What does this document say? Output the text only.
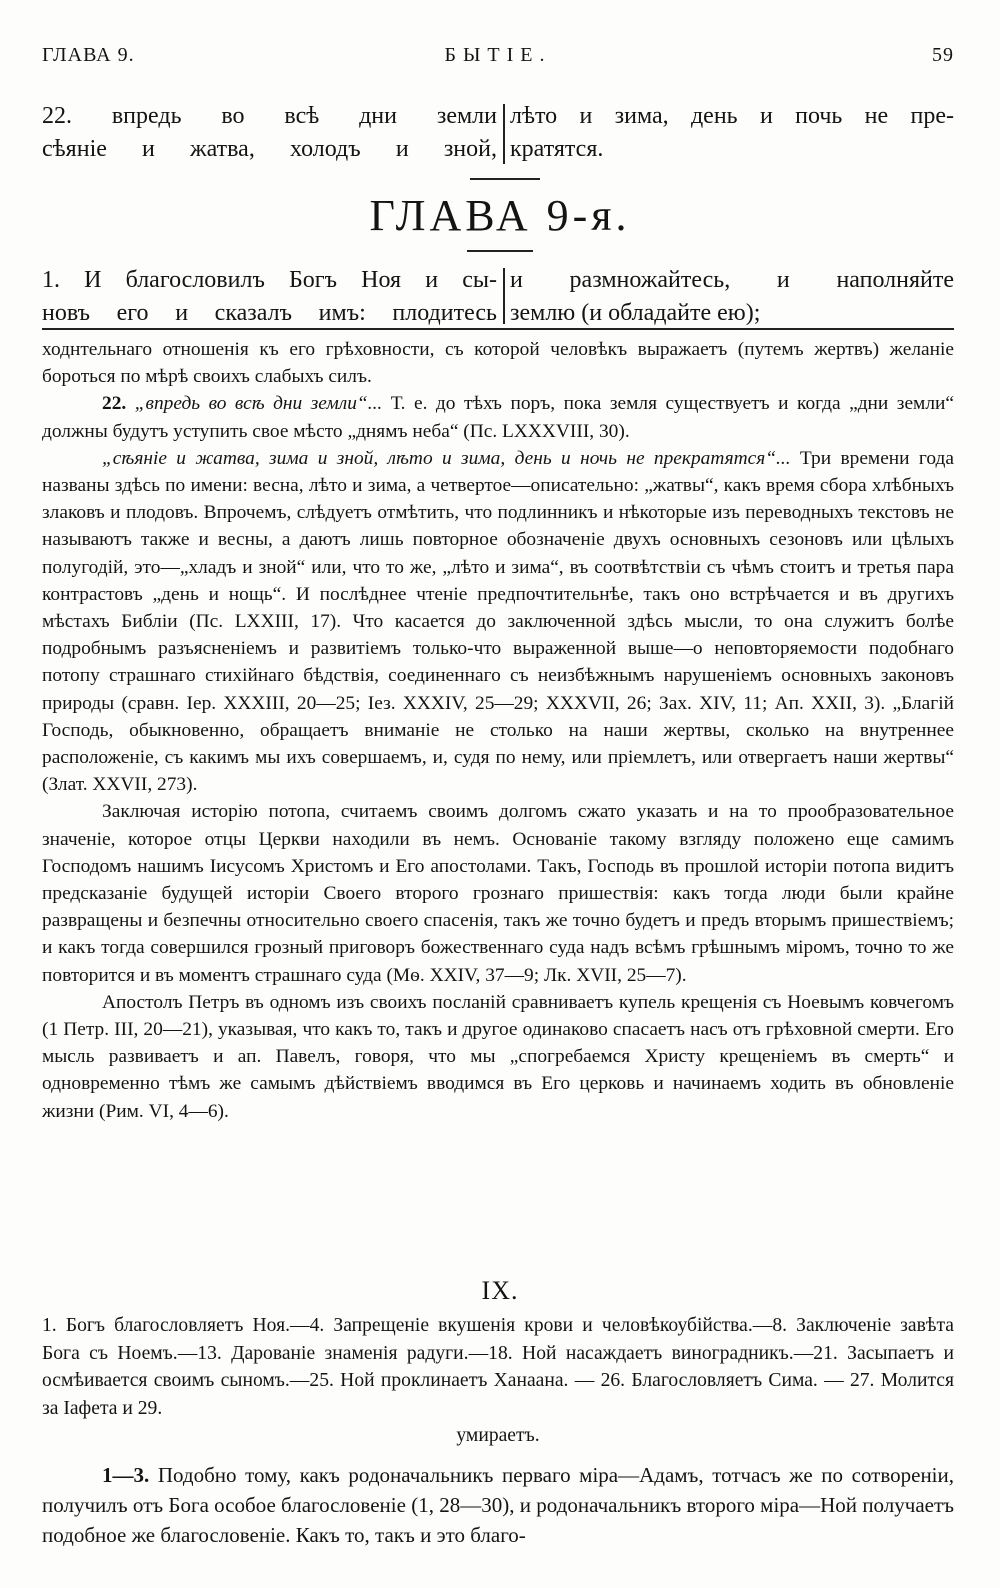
ГЛАВА 9.	БЫТІЕ.	59
22. впредь во всѣ дни земли
сѣяніе и жатва, холодъ и зной,
лѣто и зима, день и почь не пре-
кратятся.
ГЛАВА 9-я.
1. И благословилъ Богъ Ноя и сы-
новъ его и сказалъ имъ: плодитесь
и размножайтесь, и наполняйте
землю (и обладайте ею);

ходнтельнаго отношенія къ его грѣховности, съ которой человѣкъ выражаетъ (путемъ жертвъ) желаніе бороться по мѣрѣ своихъ слабыхъ силъ.

22. „впредь во всѣ дни земли“... Т. е. до тѣхъ поръ, пока земля существуетъ и когда „дни земли“ должны будутъ уступить свое мѣсто „днямъ неба“ (Пс. LXXXVIII, 30).

„сѣяніе и жатва, зима и зной, лѣто и зима, день и ночь не прекратятся“... Три времени года названы здѣсь по имени: весна, лѣто и зима, а четвертое—описательно: „жатвы“, какъ время сбора хлѣбныхъ злаковъ и плодовъ. Впрочемъ, слѣдуетъ отмѣтить, что подлинникъ и нѣкоторые изъ переводныхъ текстовъ не называютъ также и весны, а даютъ лишь повторное обозначеніе двухъ основныхъ сезоновъ или цѣлыхъ полугодій, это—„хладъ и зной“ или, что то же, „лѣто и зима“, въ соотвѣтствіи съ чѣмъ стоитъ и третья пара контрастовъ „день и нощь“. И послѣднее чтеніе предпочтительнѣе, такъ оно встрѣчается и въ другихъ мѣстахъ Библіи (Пс. LXXIII, 17). Что касается до заключенной здѣсь мысли, то она служитъ болѣе подробнымъ разъясненіемъ и развитіемъ только-что выраженной выше—о неповторяемости подобнаго потопу страшнаго стихійнаго бѣдствія, соединеннаго съ неизбѣжнымъ нарушеніемъ основныхъ законовъ природы (сравн. Іер. XXXIII, 20—25; Іез. XXXIV, 25—29; XXXVII, 26; Зах. XIV, 11; Ап. XXII, 3). „Благій Господь, обыкновенно, обращаетъ вниманіе не столько на наши жертвы, сколько на внутреннее расположеніе, съ какимъ мы ихъ совершаемъ, и, судя по нему, или пріемлетъ, или отвергаетъ наши жертвы“ (Злат. XXVII, 273).

Заключая исторію потопа, считаемъ своимъ долгомъ сжато указать и на то прообразовательное значеніе, которое отцы Церкви находили въ немъ. Основаніе такому взгляду положено еще самимъ Господомъ нашимъ Іисусомъ Христомъ и Его апостолами. Такъ, Господь въ прошлой исторіи потопа видитъ предсказаніе будущей исторіи Своего второго грознаго пришествія: какъ тогда люди были крайне развращены и безпечны относительно своего спасенія, такъ же точно будетъ и предъ вторымъ пришествіемъ; и какъ тогда совершился грозный приговоръ божественнаго суда надъ всѣмъ грѣшнымъ міромъ, точно то же повторится и въ моментъ страшнаго суда (Мѳ. XXIV, 37—9; Лк. XVII, 25—7).

Апостолъ Петръ въ одномъ изъ своихъ посланій сравниваетъ купель крещенія съ Ноевымъ ковчегомъ (1 Петр. III, 20—21), указывая, что какъ то, такъ и другое одинаково спасаетъ насъ отъ грѣховной смерти. Его мысль развиваетъ и ап. Павелъ, говоря, что мы „спогребаемся Христу крещеніемъ въ смерть“ и одновременно тѣмъ же самымъ дѣйствіемъ вводимся въ Его церковь и начинаемъ ходить въ обновленіе жизни (Рим. VI, 4—6).

IX.
1. Богъ благословляетъ Ноя.—4. Запрещеніе вкушенія крови и человѣкоубійства.—8. Заключеніе завѣта Бога съ Ноемъ.—13. Дарованіе знаменія радуги.—18. Ной насаждаетъ виноградникъ.—21. Засыпаетъ и осмѣивается своимъ сыномъ.—25. Ной проклинаетъ Ханаана. — 26. Благословляетъ Сима. — 27. Молится за Іафета и 29.
умираетъ.

1—3. Подобно тому, какъ родоначальникъ перваго міра—Адамъ, тотчасъ же по сотвореніи, получилъ отъ Бога особое благословеніе (1, 28—30), и родоначальникъ второго міра—Ной получаетъ подобное же благословеніе. Какъ то, такъ и это благо-
